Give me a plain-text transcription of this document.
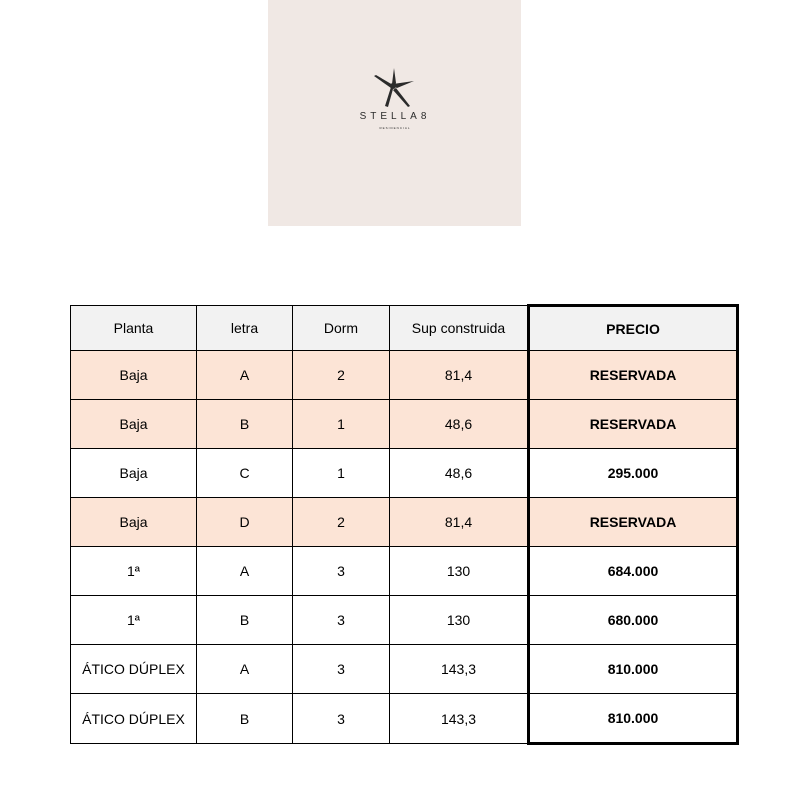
STELLA8
RESIDENCIAL
Planta	letra	Dorm	Sup construida	PRECIO
Baja	A	2	81,4	RESERVADA
Baja	B	1	48,6	RESERVADA
Baja	C	1	48,6	295.000
Baja	D	2	81,4	RESERVADA
1ª	A	3	130	684.000
1ª	B	3	130	680.000
ÁTICO DÚPLEX	A	3	143,3	810.000
ÁTICO DÚPLEX	B	3	143,3	810.000
